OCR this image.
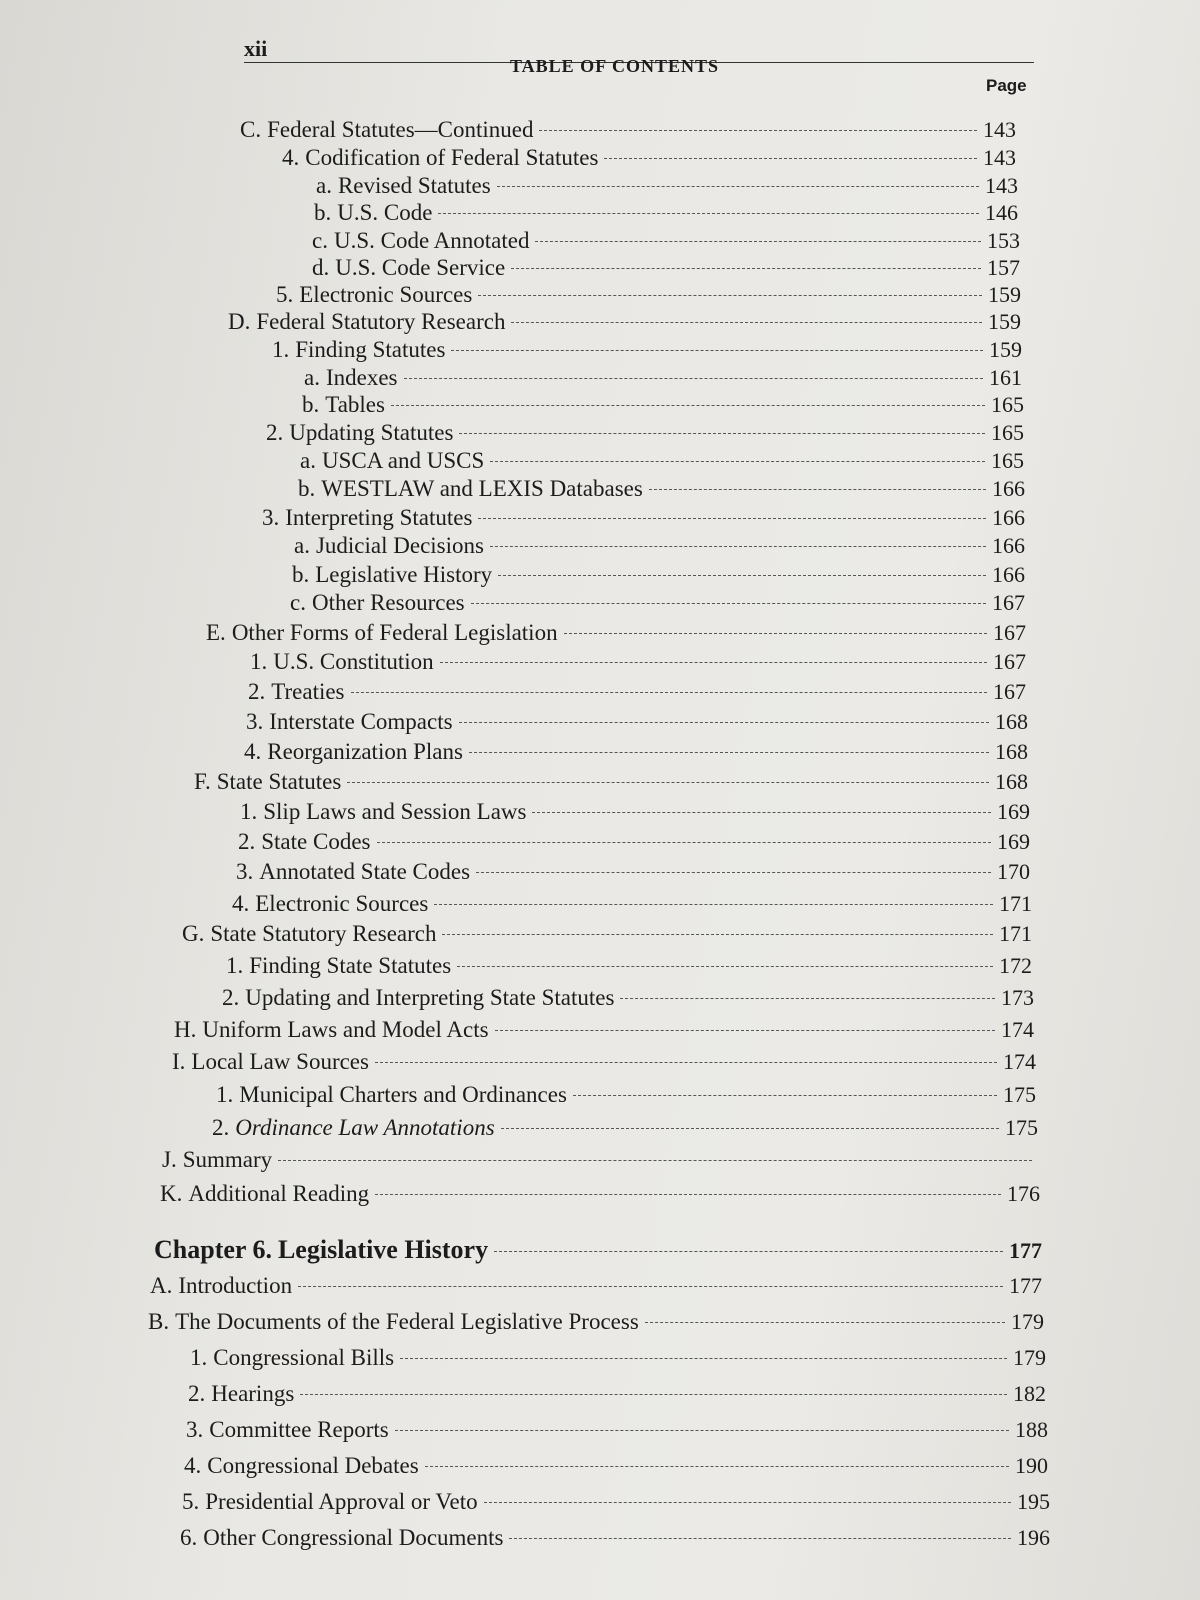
xii
TABLE OF CONTENTS
Page
C. Federal Statutes—Continued	143
4. Codification of Federal Statutes	143
a. Revised Statutes	143
b. U.S. Code	146
c. U.S. Code Annotated	153
d. U.S. Code Service	157
5. Electronic Sources	159
D. Federal Statutory Research	159
1. Finding Statutes	159
a. Indexes	161
b. Tables	165
2. Updating Statutes	165
a. USCA and USCS	165
b. WESTLAW and LEXIS Databases	166
3. Interpreting Statutes	166
a. Judicial Decisions	166
b. Legislative History	166
c. Other Resources	167
E. Other Forms of Federal Legislation	167
1. U.S. Constitution	167
2. Treaties	167
3. Interstate Compacts	168
4. Reorganization Plans	168
F. State Statutes	168
1. Slip Laws and Session Laws	169
2. State Codes	169
3. Annotated State Codes	170
4. Electronic Sources	171
G. State Statutory Research	171
1. Finding State Statutes	172
2. Updating and Interpreting State Statutes	173
H. Uniform Laws and Model Acts	174
I. Local Law Sources	174
1. Municipal Charters and Ordinances	175
2. Ordinance Law Annotations	175
J. Summary
K. Additional Reading	176
Chapter 6. Legislative History	177
A. Introduction	177
B. The Documents of the Federal Legislative Process	179
1. Congressional Bills	179
2. Hearings	182
3. Committee Reports	188
4. Congressional Debates	190
5. Presidential Approval or Veto	195
6. Other Congressional Documents	196
